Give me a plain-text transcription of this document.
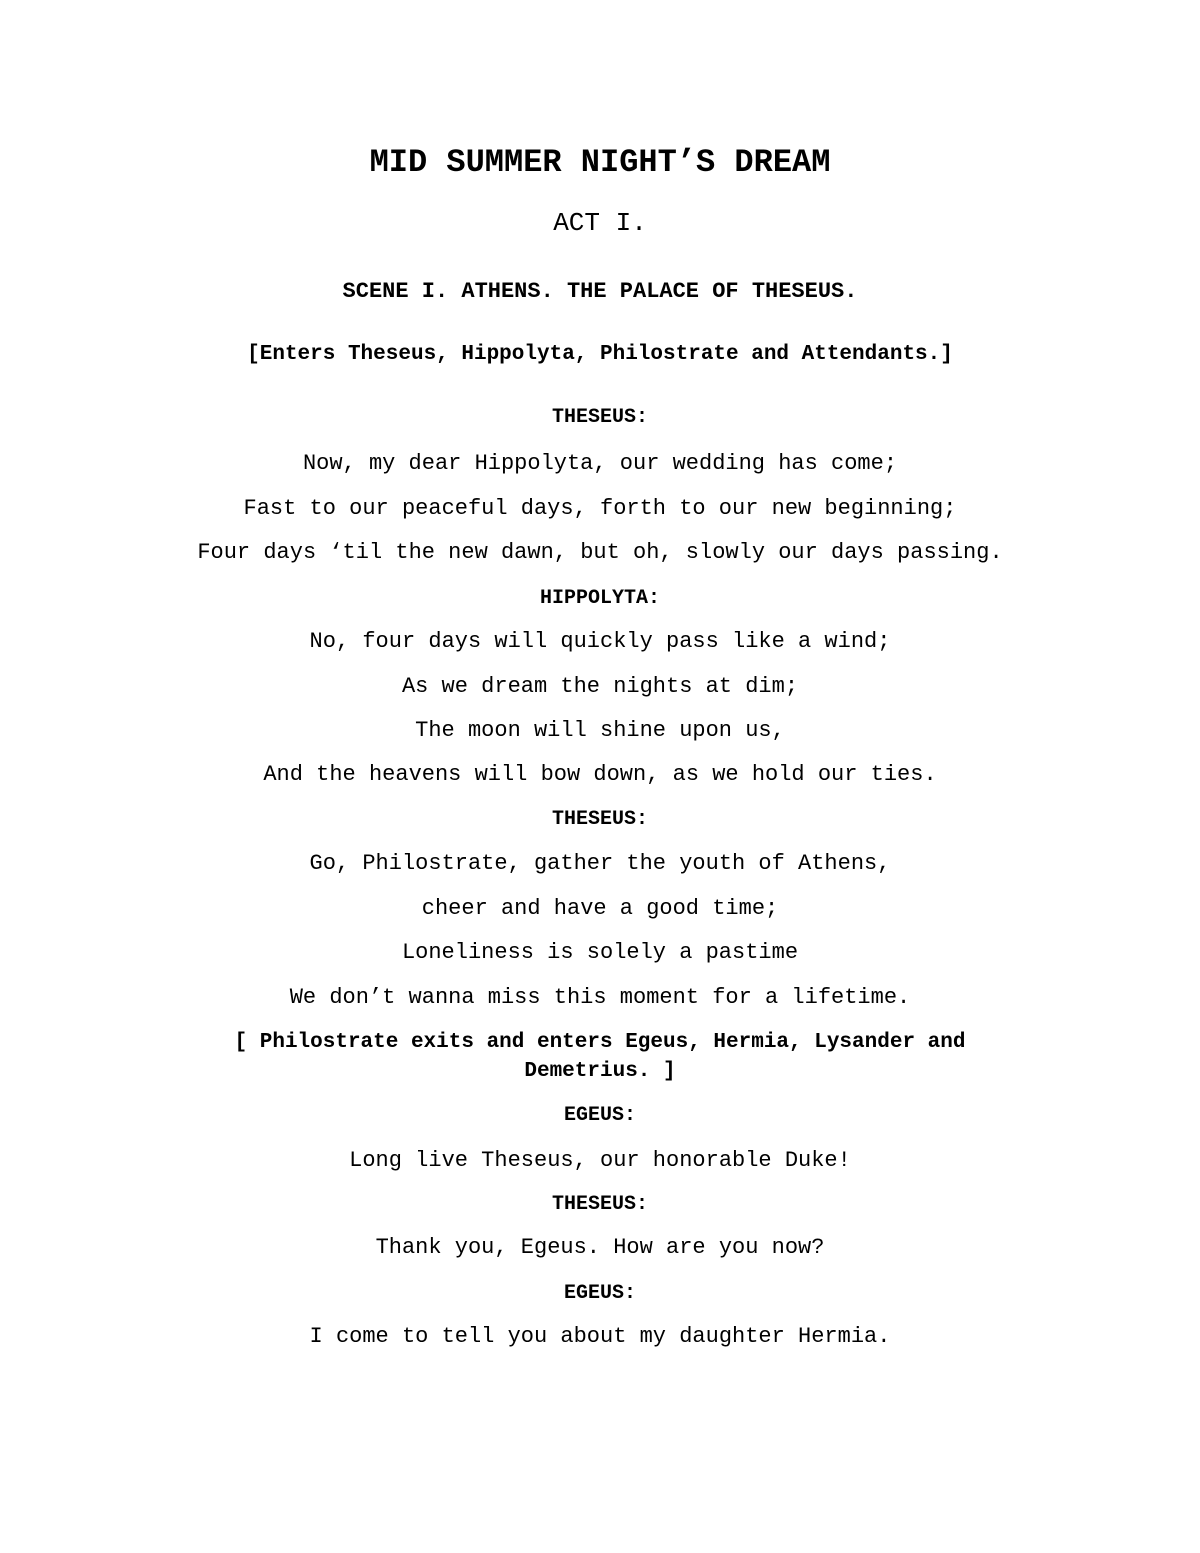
MID SUMMER NIGHT’S DREAM
ACT I.
SCENE I. ATHENS. THE PALACE OF THESEUS.
[Enters Theseus, Hippolyta, Philostrate and Attendants.]
THESEUS:
Now, my dear Hippolyta, our wedding has come;
Fast to our peaceful days, forth to our new beginning;
Four days ‘til the new dawn, but oh, slowly our days passing.
HIPPOLYTA:
No, four days will quickly pass like a wind;
As we dream the nights at dim;
The moon will shine upon us,
And the heavens will bow down, as we hold our ties.
THESEUS:
Go, Philostrate, gather the youth of Athens,
cheer and have a good time;
Loneliness is solely a pastime
We don’t wanna miss this moment for a lifetime.
[ Philostrate exits and enters Egeus, Hermia, Lysander and Demetrius. ]
EGEUS:
Long live Theseus, our honorable Duke!
THESEUS:
Thank you, Egeus. How are you now?
EGEUS:
I come to tell you about my daughter Hermia.
